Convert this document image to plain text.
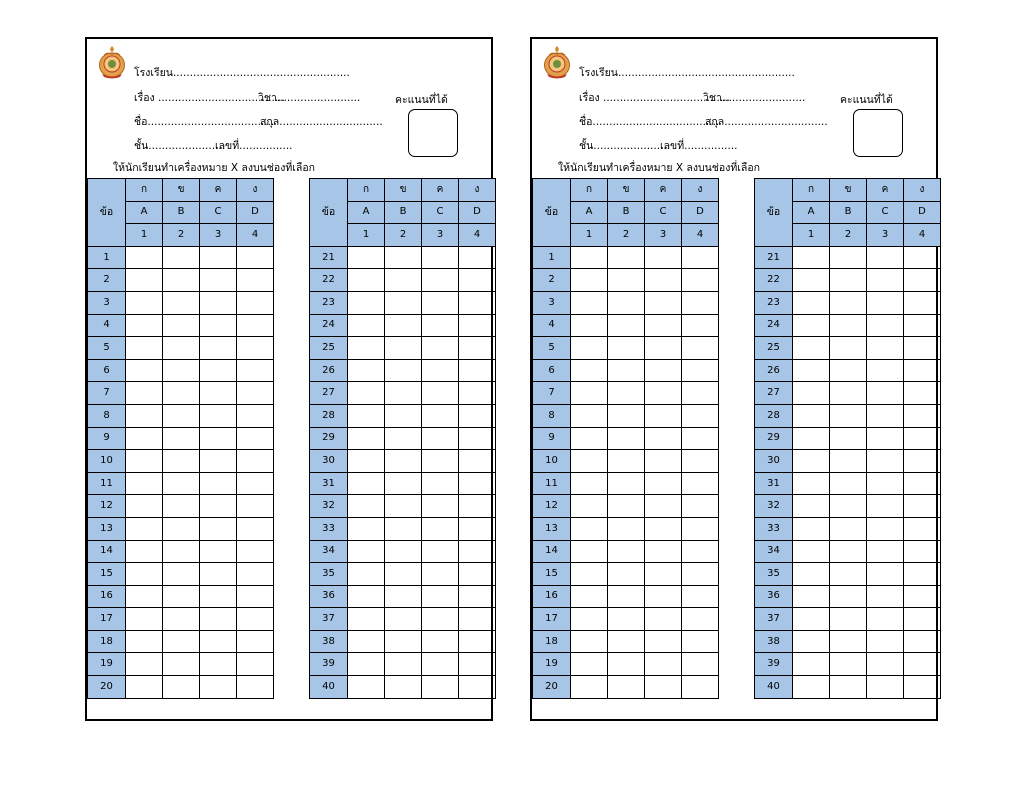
โรงเรียน.....................................................
เรื่อง ......................................
วิชา.........................
ชื่อ......................................
สกุล...............................
ชั้น.......................
เลขที่................
คะแนนที่ได้
ให้นักเรียนทำเครื่องหมาย X ลงบนช่องที่เลือก
ข้อ	ก	ข	ค	ง
	A	B	C	D
	1	2	3	4
1				
2				
3				
4				
5				
6				
7				
8				
9				
10				
11				
12				
13				
14				
15				
16				
17				
18				
19				
20				
ข้อ	ก	ข	ค	ง
	A	B	C	D
	1	2	3	4
21				
22				
23				
24				
25				
26				
27				
28				
29				
30				
31				
32				
33				
34				
35				
36				
37				
38				
39				
40				
โรงเรียน.....................................................
เรื่อง ......................................
วิชา.........................
ชื่อ......................................
สกุล...............................
ชั้น.......................
เลขที่................
คะแนนที่ได้
ให้นักเรียนทำเครื่องหมาย X ลงบนช่องที่เลือก
ข้อ	ก	ข	ค	ง
	A	B	C	D
	1	2	3	4
1				
2				
3				
4				
5				
6				
7				
8				
9				
10				
11				
12				
13				
14				
15				
16				
17				
18				
19				
20				
ข้อ	ก	ข	ค	ง
	A	B	C	D
	1	2	3	4
21				
22				
23				
24				
25				
26				
27				
28				
29				
30				
31				
32				
33				
34				
35				
36				
37				
38				
39				
40				
